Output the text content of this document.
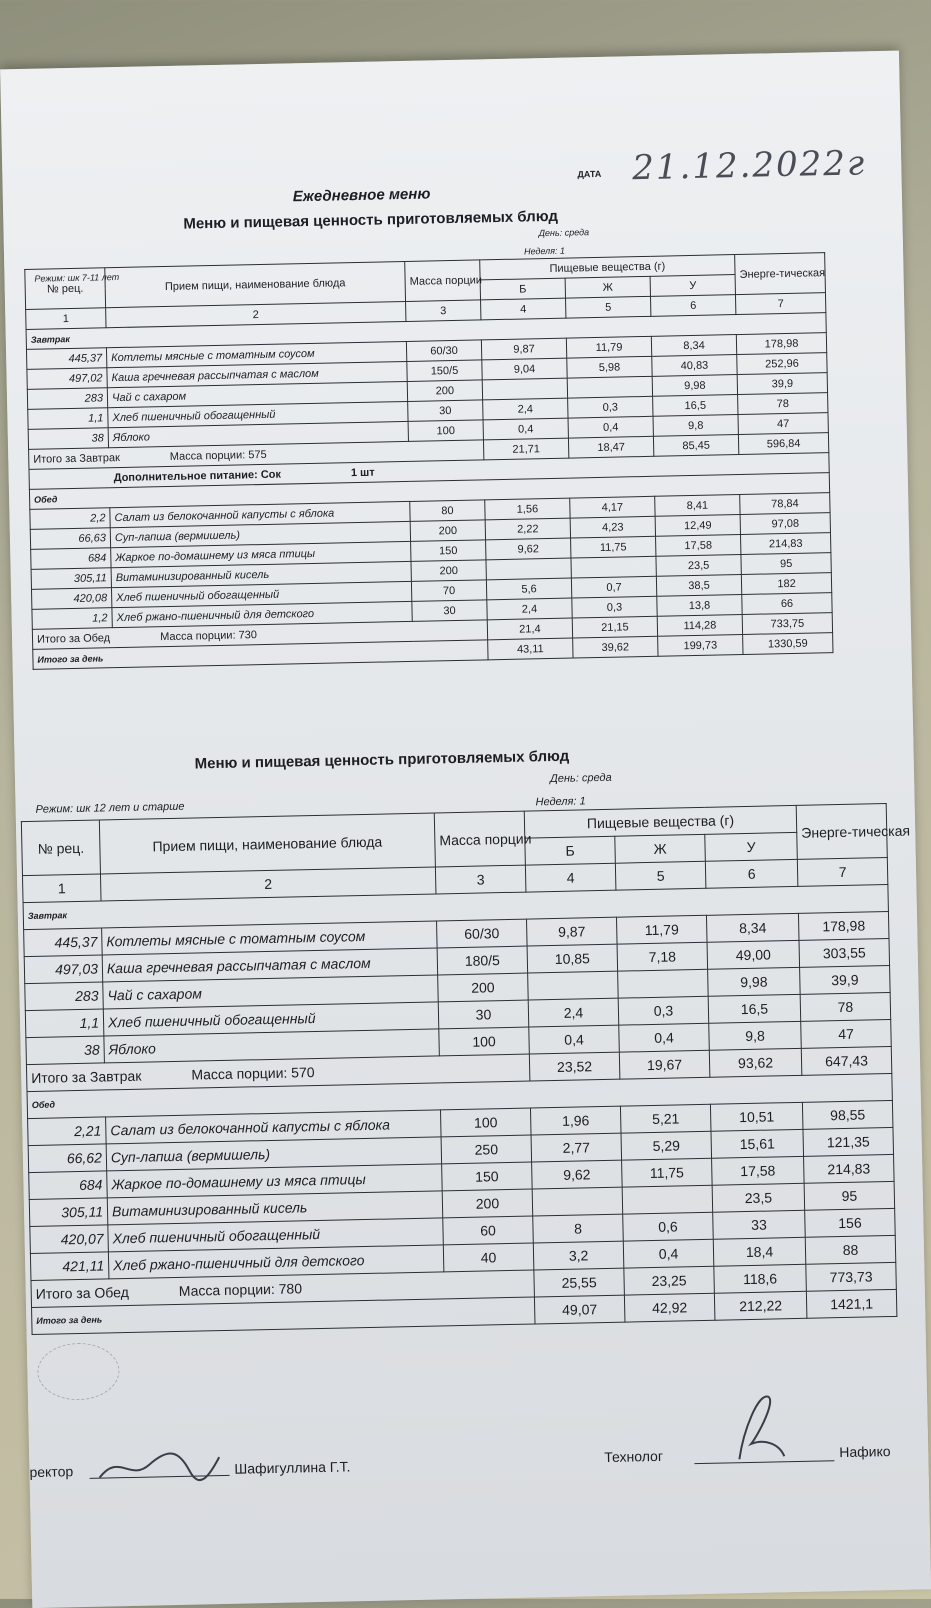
Ежедневное меню
ДАТА 21.12.2022г
Меню и пищевая ценность приготовляемых блюд
День: среда
Режим: шк 7-11 лет
Неделя: 1
№ рец.	Прием пищи, наименование блюда	Масса порции	Пищевые вещества (г)			Энерге-тическая
			Б	Ж	У	
1	2	3	4	5	6	7
Завтрак						
445,37	Котлеты мясные с томатным соусом	60/30	9,87	11,79	8,34	178,98
497,02	Каша гречневая рассыпчатая с маслом	150/5	9,04	5,98	40,83	252,96
283	Чай с сахаром	200			9,98	39,9
1,1	Хлеб пшеничный обогащенный	30	2,4	0,3	16,5	78
38	Яблоко	100	0,4	0,4	9,8	47
Итого за Завтрак Масса порции: 575			21,71	18,47	85,45	596,84
Дополнительное питание: Сок 1 шт						
Обед						
2,2	Салат из белокочанной капусты с яблока	80	1,56	4,17	8,41	78,84
66,63	Суп-лапша (вермишель)	200	2,22	4,23	12,49	97,08
684	Жаркое по-домашнему из мяса птицы	150	9,62	11,75	17,58	214,83
305,11	Витаминизированный кисель	200			23,5	95
420,08	Хлеб пшеничный обогащенный	70	5,6	0,7	38,5	182
1,2	Хлеб ржано-пшеничный для детского	30	2,4	0,3	13,8	66
Итого за Обед Масса порции: 730			21,4	21,15	114,28	733,75
Итого за день			43,11	39,62	199,73	1330,59
Меню и пищевая ценность приготовляемых блюд
День: среда
Режим: шк 12 лет и старше	Неделя: 1
№ рец.	Прием пищи, наименование блюда	Масса порции	Пищевые вещества (г)			Энерге-тическая
			Б	Ж	У	
1	2	3	4	5	6	7
Завтрак						
445,37	Котлеты мясные с томатным соусом	60/30	9,87	11,79	8,34	178,98
497,03	Каша гречневая рассыпчатая с маслом	180/5	10,85	7,18	49,00	303,55
283	Чай с сахаром	200			9,98	39,9
1,1	Хлеб пшеничный обогащенный	30	2,4	0,3	16,5	78
38	Яблоко	100	0,4	0,4	9,8	47
Итого за Завтрак Масса порции: 570			23,52	19,67	93,62	647,43
Обед						
2,21	Салат из белокочанной капусты с яблока	100	1,96	5,21	10,51	98,55
66,62	Суп-лапша (вермишель)	250	2,77	5,29	15,61	121,35
684	Жаркое по-домашнему из мяса птицы	150	9,62	11,75	17,58	214,83
305,11	Витаминизированный кисель	200			23,5	95
420,07	Хлеб пшеничный обогащенный	60	8	0,6	33	156
421,11	Хлеб ржано-пшеничный для детского	40	3,2	0,4	18,4	88
Итого за Обед Масса порции: 780			25,55	23,25	118,6	773,73
Итого за день			49,07	42,92	212,22	1421,1
ректор	Шафигуллина Г.Т.
Технолог	Нафико
